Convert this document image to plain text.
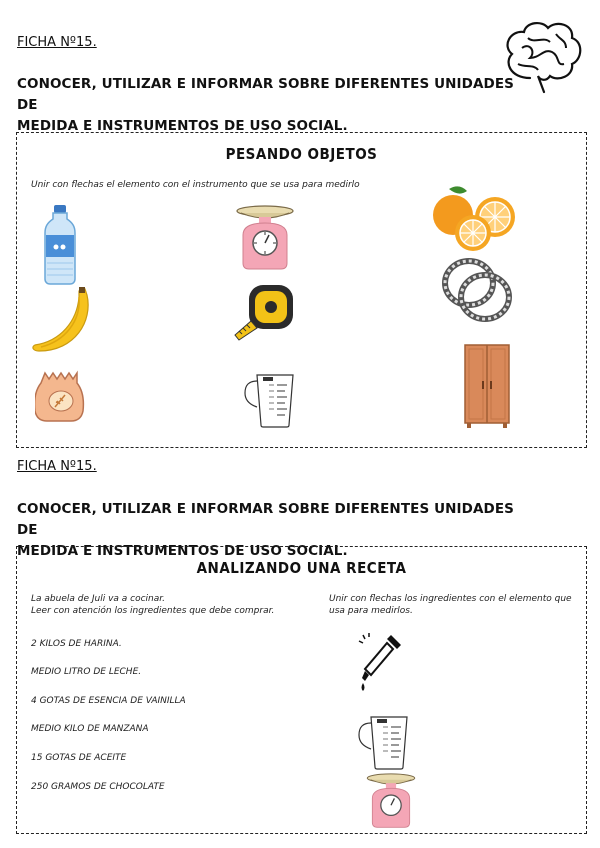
FICHA Nº15.
CONOCER, UTILIZAR E INFORMAR SOBRE DIFERENTES UNIDADES DE
MEDIDA E INSTRUMENTOS DE USO SOCIAL.
PESANDO OBJETOS
Unir con flechas el elemento con el instrumento que se usa para medirlo
FICHA Nº15.
CONOCER, UTILIZAR E INFORMAR SOBRE DIFERENTES UNIDADES DE
MEDIDA E INSTRUMENTOS DE USO SOCIAL.
ANALIZANDO UNA RECETA
La abuela de Juli va a cocinar.
Leer con atención los ingredientes que debe comprar.
Unir con flechas los ingredientes con el elemento que usa para medirlos.
2 KILOS DE HARINA.
MEDIO LITRO DE LECHE.
4 GOTAS DE ESENCIA DE VAINILLA
MEDIO KILO DE MANZANA
15 GOTAS DE ACEITE
250 GRAMOS DE CHOCOLATE
